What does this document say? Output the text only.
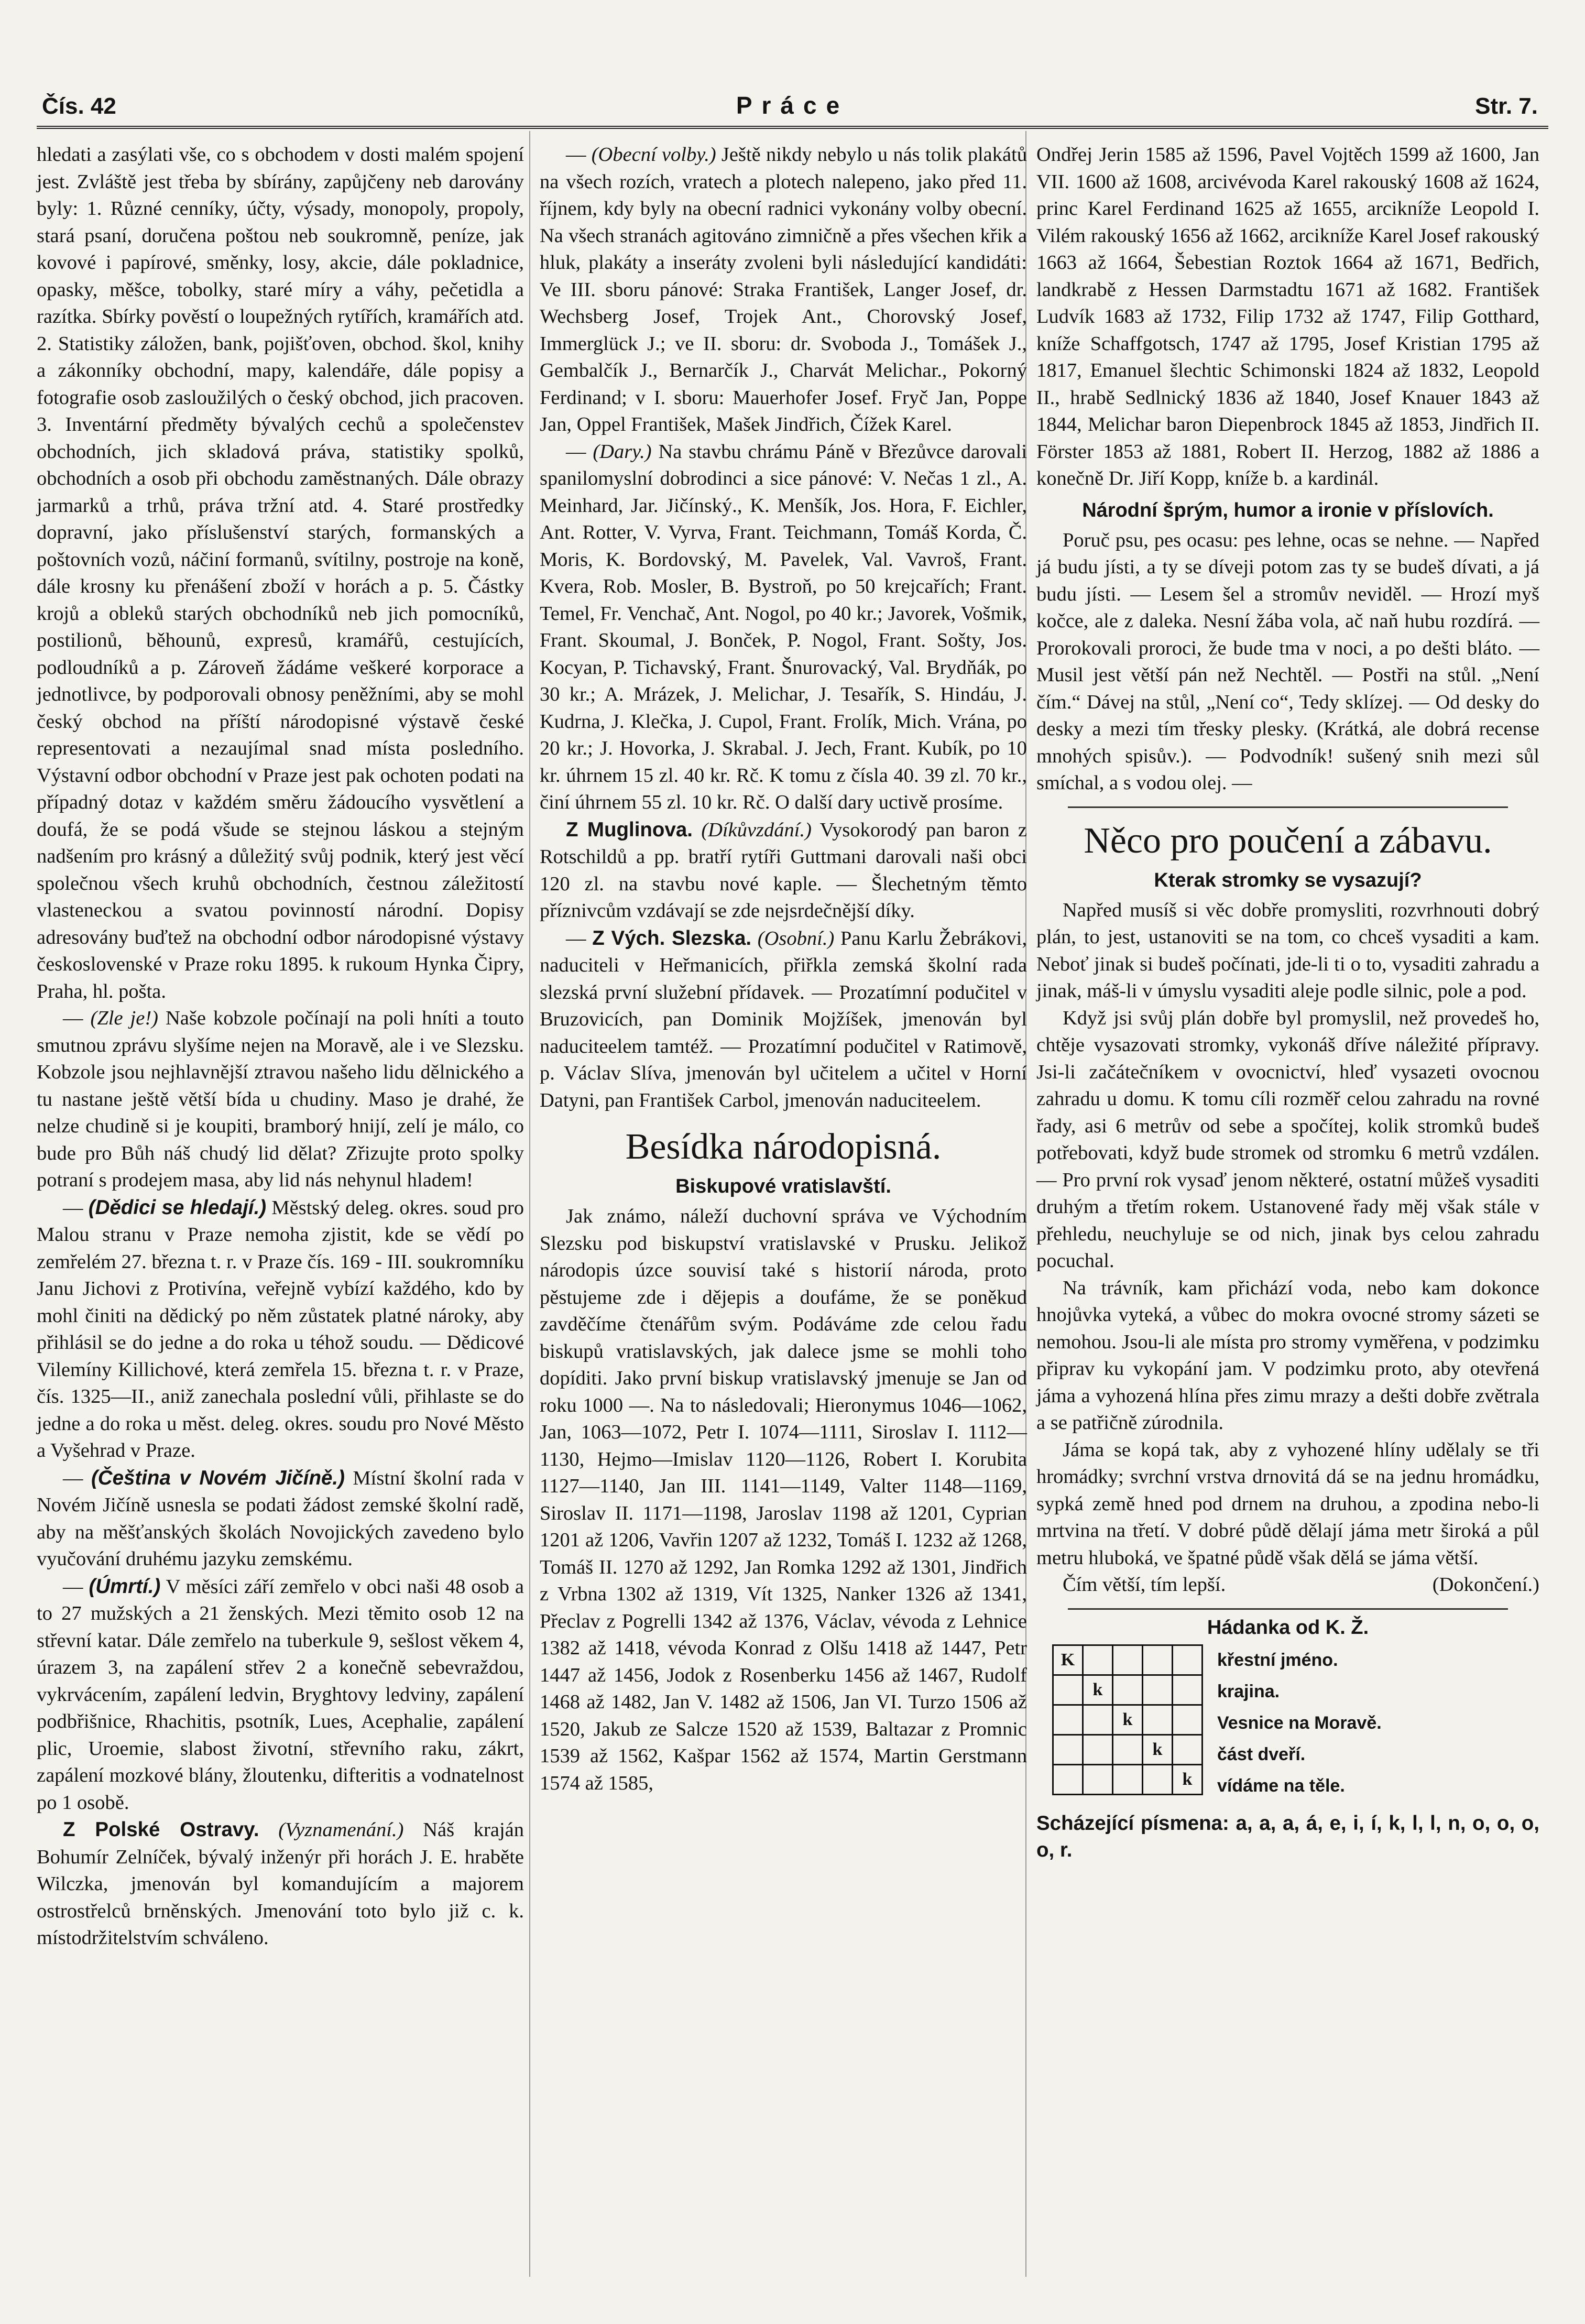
Čís. 42	Práce	Str. 7.

hledati a zasýlati vše, co s obchodem v dosti malém spojení jest. Zvláště jest třeba by sbírány, zapůjčeny neb darovány byly: 1. Různé cenníky, účty, výsady, monopoly, propoly, stará psaní, doručena poštou neb soukromně, peníze, jak kovové i papírové, směnky, losy, akcie, dále pokladnice, opasky, měšce, tobolky, staré míry a váhy, pečetidla a razítka. Sbírky pověstí o loupežných rytířích, kramářích atd. 2. Statistiky záložen, bank, pojišťoven, obchod. škol, knihy a zákonníky obchodní, mapy, kalendáře, dále popisy a fotografie osob zasloužilých o český obchod, jich pracoven. 3. Inventární předměty bývalých cechů a společenstev obchodních, jich skladová práva, statistiky spolků, obchodních a osob při obchodu zaměstnaných. Dále obrazy jarmarků a trhů, práva tržní atd. 4. Staré prostředky dopravní, jako příslušenství starých, formanských a poštovních vozů, náčiní formanů, svítilny, postroje na koně, dále krosny ku přenášení zboží v horách a p. 5. Částky krojů a obleků starých obchodníků neb jich pomocníků, postilionů, běhounů, expresů, kramářů, cestujících, podloudníků a p. Zároveň žádáme veškeré korporace a jednotlivce, by podporovali obnosy peněžními, aby se mohl český obchod na příští národopisné výstavě české representovati a nezaujímal snad místa posledního. Výstavní odbor obchodní v Praze jest pak ochoten podati na případný dotaz v každém směru žádoucího vysvětlení a doufá, že se podá všude se stejnou láskou a stejným nadšením pro krásný a důležitý svůj podnik, který jest věcí společnou všech kruhů obchodních, čestnou záležitostí vlasteneckou a svatou povinností národní. Dopisy adresovány buďtež na obchodní odbor národopisné výstavy československé v Praze roku 1895. k rukoum Hynka Čipry, Praha, hl. pošta.

— (Zle je!) Naše kobzole počínají na poli hníti a touto smutnou zprávu slyšíme nejen na Moravě, ale i ve Slezsku. Kobzole jsou nejhlavnější ztravou našeho lidu dělnického a tu nastane ještě větší bída u chudiny. Maso je drahé, že nelze chudině si je koupiti, bramborý hnijí, zelí je málo, co bude pro Bůh náš chudý lid dělat? Zřizujte proto spolky potraní s prodejem masa, aby lid nás nehynul hladem!

— (Dědici se hledají.) Městský deleg. okres. soud pro Malou stranu v Praze nemoha zjistit, kde se vědí po zemřelém 27. března t. r. v Praze čís. 169 - III. soukromníku Janu Jichovi z Protivína, veřejně vybízí každého, kdo by mohl činiti na dědický po něm zůstatek platné nároky, aby přihlásil se do jedne a do roka u téhož soudu. — Dědicové Vilemíny Killichové, která zemřela 15. března t. r. v Praze, čís. 1325—II., aniž zanechala poslední vůli, přihlaste se do jedne a do roka u měst. deleg. okres. soudu pro Nové Město a Vyšehrad v Praze.

— (Čeština v Novém Jičíně.) Místní školní rada v Novém Jičíně usnesla se podati žádost zemské školní radě, aby na měšťanských školách Novojických zavedeno bylo vyučování druhému jazyku zemskému.

— (Úmrtí.) V měsíci září zemřelo v obci naši 48 osob a to 27 mužských a 21 ženských. Mezi těmito osob 12 na střevní katar. Dále zemřelo na tuberkule 9, sešlost věkem 4, úrazem 3, na zapálení střev 2 a konečně sebevraždou, vykrvácením, zapálení ledvin, Bryghtovy ledviny, zapálení podbřišnice, Rhachitis, psotník, Lues, Acephalie, zapálení plic, Uroemie, slabost životní, střevního raku, zákrt, zapálení mozkové blány, žloutenku, difteritis a vodnatelnost po 1 osobě.

Z Polské Ostravy. (Vyznamenání.) Náš kraján Bohumír Zelníček, bývalý inženýr při horách J. E. hraběte Wilczka, jmenován byl komandujícím a majorem ostrostřelců brněnských. Jmenování toto bylo již c. k. místodržitelstvím schváleno.

— (Obecní volby.) Ještě nikdy nebylo u nás tolik plakátů na všech rozích, vratech a plotech nalepeno, jako před 11. říjnem, kdy byly na obecní radnici vykonány volby obecní. Na všech stranách agitováno zimničně a přes všechen křik a hluk, plakáty a inseráty zvoleni byli následující kandidáti: Ve III. sboru pánové: Straka František, Langer Josef, dr. Wechsberg Josef, Trojek Ant., Chorovský Josef, Immerglück J.; ve II. sboru: dr. Svoboda J., Tomášek J., Gembalčík J., Bernarčík J., Charvát Melichar., Pokorný Ferdinand; v I. sboru: Mauerhofer Josef. Fryč Jan, Poppe Jan, Oppel František, Mašek Jindřich, Čížek Karel.

— (Dary.) Na stavbu chrámu Páně v Březůvce darovali spanilomyslní dobrodinci a sice pánové: V. Nečas 1 zl., A. Meinhard, Jar. Jičínský., K. Menšík, Jos. Hora, F. Eichler, Ant. Rotter, V. Vyrva, Frant. Teichmann, Tomáš Korda, Č. Moris, K. Bordovský, M. Pavelek, Val. Vavroš, Frant. Kvera, Rob. Mosler, B. Bystroň, po 50 krejcařích; Frant. Temel, Fr. Venchač, Ant. Nogol, po 40 kr.; Javorek, Vošmik, Frant. Skoumal, J. Bonček, P. Nogol, Frant. Sošty, Jos. Kocyan, P. Tichavský, Frant. Šnurovacký, Val. Brydňák, po 30 kr.; A. Mrázek, J. Melichar, J. Tesařík, S. Hindáu, J. Kudrna, J. Klečka, J. Cupol, Frant. Frolík, Mich. Vrána, po 20 kr.; J. Hovorka, J. Skrabal. J. Jech, Frant. Kubík, po 10 kr. úhrnem 15 zl. 40 kr. Rč. K tomu z čísla 40. 39 zl. 70 kr., činí úhrnem 55 zl. 10 kr. Rč. O další dary uctivě prosíme.

Z Muglinova. (Díkůvzdání.) Vysokorodý pan baron z Rotschildů a pp. bratří rytíři Guttmani darovali naši obci 120 zl. na stavbu nové kaple. — Šlechetným těmto příznivcům vzdávají se zde nejsrdečnější díky.

— Z Vých. Slezska. (Osobní.) Panu Karlu Žebrákovi, naduciteli v Heřmanicích, přiřkla zemská školní rada slezská první služební přídavek. — Prozatímní podučitel v Bruzovicích, pan Dominik Mojžíšek, jmenován byl naduciteelem tamtéž. — Prozatímní podučitel v Ratimově, p. Václav Slíva, jmenován byl učitelem a učitel v Horní Datyni, pan František Carbol, jmenován naduciteelem.

Besídka národopisná.
Biskupové vratislavští.

Jak známo, náleží duchovní správa ve Východním Slezsku pod biskupství vratislavské v Prusku. Jelikož národopis úzce souvisí také s historií národa, proto pěstujeme zde i dějepis a doufáme, že se poněkud zavděčíme čtenářům svým. Podáváme zde celou řadu biskupů vratislavských, jak dalece jsme se mohli toho dopíditi. Jako první biskup vratislavský jmenuje se Jan od roku 1000 —. Na to následovali; Hieronymus 1046—1062, Jan, 1063—1072, Petr I. 1074—1111, Siroslav I. 1112—1130, Hejmo—Imislav 1120—1126, Robert I. Korubita 1127—1140, Jan III. 1141—1149, Valter 1148—1169, Siroslav II. 1171—1198, Jaroslav 1198 až 1201, Cyprian 1201 až 1206, Vavřin 1207 až 1232, Tomáš I. 1232 až 1268, Tomáš II. 1270 až 1292, Jan Romka 1292 až 1301, Jindřich z Vrbna 1302 až 1319, Vít 1325, Nanker 1326 až 1341, Přeclav z Pogrelli 1342 až 1376, Václav, vévoda z Lehnice 1382 až 1418, vévoda Konrad z Olšu 1418 až 1447, Petr 1447 až 1456, Jodok z Rosenberku 1456 až 1467, Rudolf 1468 až 1482, Jan V. 1482 až 1506, Jan VI. Turzo 1506 až 1520, Jakub ze Salcze 1520 až 1539, Baltazar z Promnic 1539 až 1562, Kašpar 1562 až 1574, Martin Gerstmann 1574 až 1585,

Ondřej Jerin 1585 až 1596, Pavel Vojtěch 1599 až 1600, Jan VII. 1600 až 1608, arcivévoda Karel rakouský 1608 až 1624, princ Karel Ferdinand 1625 až 1655, arcikníže Leopold I. Vilém rakouský 1656 až 1662, arcikníže Karel Josef rakouský 1663 až 1664, Šebestian Roztok 1664 až 1671, Bedřich, landkrabě z Hessen Darmstadtu 1671 až 1682. František Ludvík 1683 až 1732, Filip 1732 až 1747, Filip Gotthard, kníže Schaffgotsch, 1747 až 1795, Josef Kristian 1795 až 1817, Emanuel šlechtic Schimonski 1824 až 1832, Leopold II., hrabě Sedlnický 1836 až 1840, Josef Knauer 1843 až 1844, Melichar baron Diepenbrock 1845 až 1853, Jindřich II. Förster 1853 až 1881, Robert II. Herzog, 1882 až 1886 a konečně Dr. Jiří Kopp, kníže b. a kardinál.

Národní šprým, humor a ironie v příslovích.

Poruč psu, pes ocasu: pes lehne, ocas se nehne. — Napřed já budu jísti, a ty se díveji potom zas ty se budeš dívati, a já budu jísti. — Lesem šel a stromův neviděl. — Hrozí myš kočce, ale z daleka. Nesní žába vola, ač naň hubu rozdírá. — Prorokovali proroci, že bude tma v noci, a po dešti bláto. — Musil jest větší pán než Nechtěl. — Postři na stůl. „Není čím.“ Dávej na stůl, „Není co“, Tedy sklízej. — Od desky do desky a mezi tím třesky plesky. (Krátká, ale dobrá recense mnohých spisův.). — Podvodník! sušený snih mezi sůl smíchal, a s vodou olej. —

Něco pro poučení a zábavu.
Kterak stromky se vysazují?

Napřed musíš si věc dobře promysliti, rozvrhnouti dobrý plán, to jest, ustanoviti se na tom, co chceš vysaditi a kam. Neboť jinak si budeš počínati, jde-li ti o to, vysaditi zahradu a jinak, máš-li v úmyslu vysaditi aleje podle silnic, pole a pod.

Když jsi svůj plán dobře byl promyslil, než provedeš ho, chtěje vysazovati stromky, vykonáš dříve náležité přípravy. Jsi-li začátečníkem v ovocnictví, hleď vysazeti ovocnou zahradu u domu. K tomu cíli rozměř celou zahradu na rovné řady, asi 6 metrův od sebe a spočítej, kolik stromků budeš potřebovati, když bude stromek od stromku 6 metrů vzdálen. — Pro první rok vysaď jenom některé, ostatní můžeš vysaditi druhým a třetím rokem. Ustanovené řady měj však stále v přehledu, neuchyluje se od nich, jinak bys celou zahradu pocuchal.

Na trávník, kam přichází voda, nebo kam dokonce hnojůvka vyteká, a vůbec do mokra ovocné stromy sázeti se nemohou. Jsou-li ale místa pro stromy vyměřena, v podzimku připrav ku vykopání jam. V podzimku proto, aby otevřená jáma a vyhozená hlína přes zimu mrazy a dešti dobře zvětrala a se patřičně zúrodnila.

Jáma se kopá tak, aby z vyhozené hlíny udělaly se tři hromádky; svrchní vrstva drnovitá dá se na jednu hromádku, sypká země hned pod drnem na druhou, a zpodina nebo-li mrtvina na třetí. V dobré půdě dělají jáma metr široká a půl metru hluboká, ve špatné půdě však dělá se jáma větší.

Čím větší, tím lepší.	(Dokončení.)

Hádanka od K. Ž.
K				
	k			
		k		
			k	
				k
křestní jméno.
krajina.
Vesnice na Moravě.
část dveří.
vídáme na těle.

Scházející písmena: a, a, a, á, e, i, í, k, l, l, n, o, o, o, o, r.
